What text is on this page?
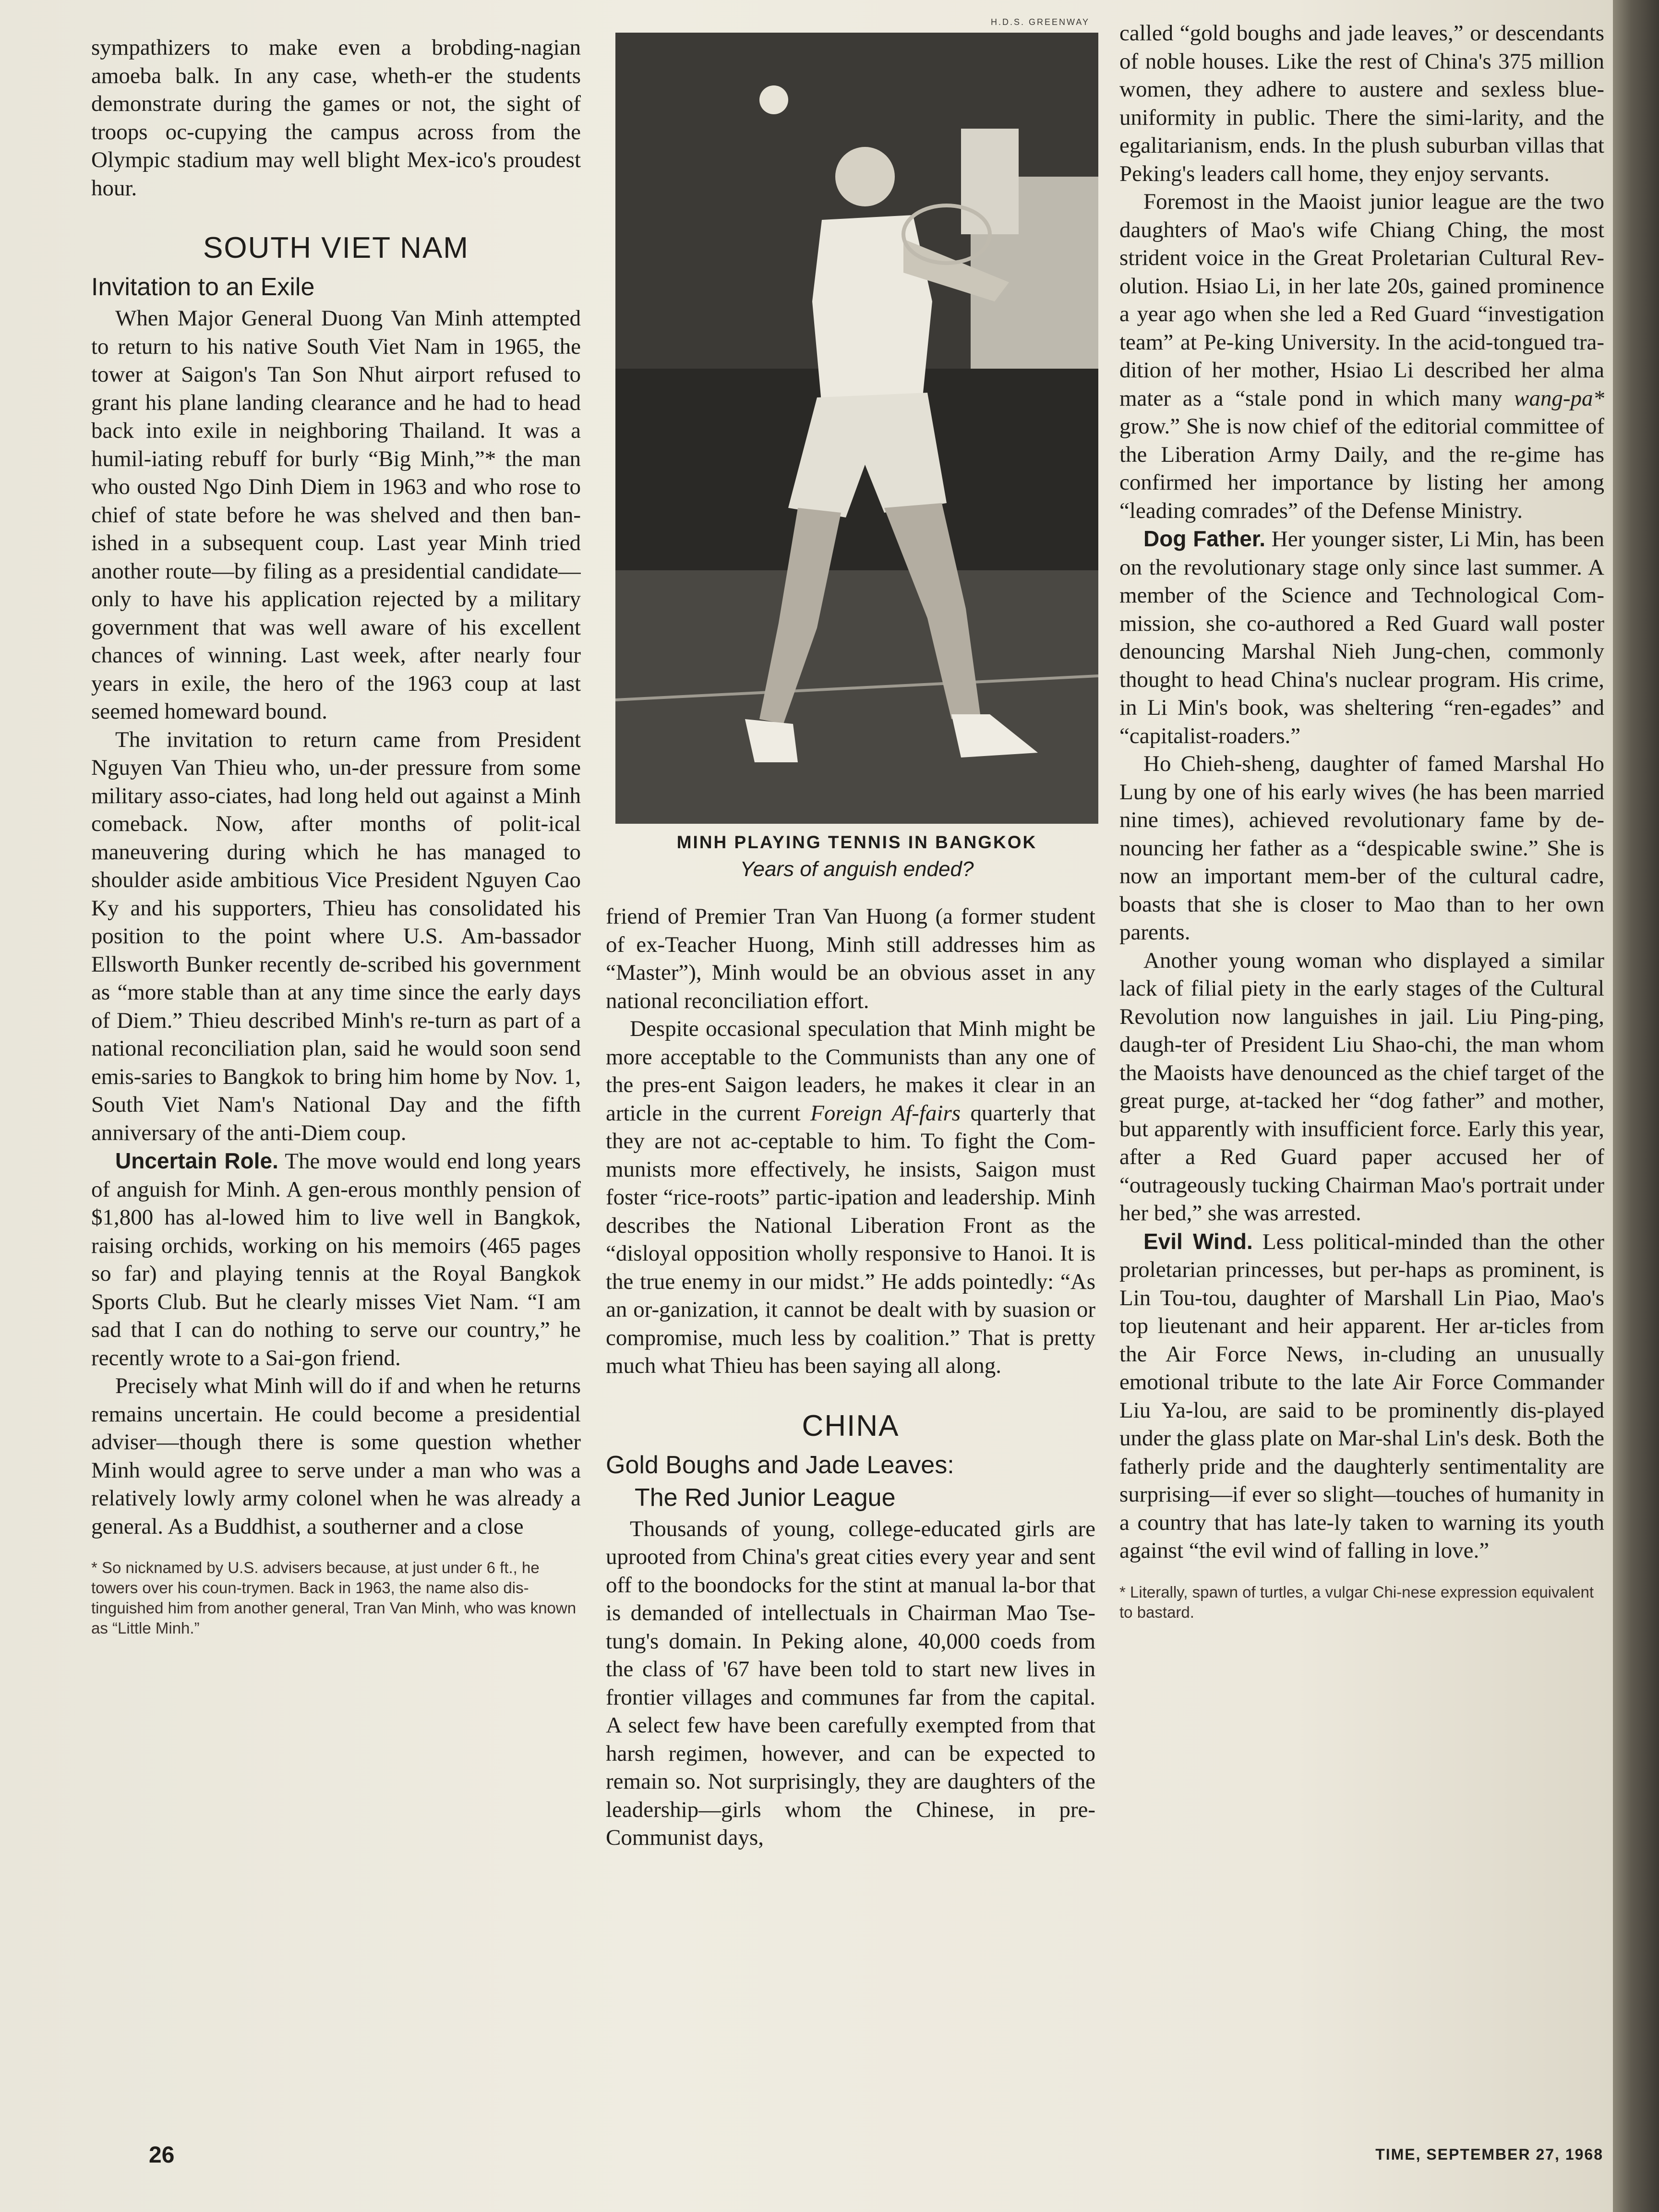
sympathizers to make even a brobding-nagian amoeba balk. In any case, wheth-er the students demonstrate during the games or not, the sight of troops oc-cupying the campus across from the Olympic stadium may well blight Mex-ico's proudest hour.

SOUTH VIET NAM
Invitation to an Exile

When Major General Duong Van Minh attempted to return to his native South Viet Nam in 1965, the tower at Saigon's Tan Son Nhut airport refused to grant his plane landing clearance and he had to head back into exile in neighboring Thailand. It was a humil-iating rebuff for burly “Big Minh,”* the man who ousted Ngo Dinh Diem in 1963 and who rose to chief of state before he was shelved and then ban-ished in a subsequent coup. Last year Minh tried another route—by filing as a presidential candidate—only to have his application rejected by a military government that was well aware of his excellent chances of winning. Last week, after nearly four years in exile, the hero of the 1963 coup at last seemed homeward bound.

The invitation to return came from President Nguyen Van Thieu who, un-der pressure from some military asso-ciates, had long held out against a Minh comeback. Now, after months of polit-ical maneuvering during which he has managed to shoulder aside ambitious Vice President Nguyen Cao Ky and his supporters, Thieu has consolidated his position to the point where U.S. Am-bassador Ellsworth Bunker recently de-scribed his government as “more stable than at any time since the early days of Diem.” Thieu described Minh's re-turn as part of a national reconciliation plan, said he would soon send emis-saries to Bangkok to bring him home by Nov. 1, South Viet Nam's National Day and the fifth anniversary of the anti-Diem coup.

Uncertain Role. The move would end long years of anguish for Minh. A gen-erous monthly pension of $1,800 has al-lowed him to live well in Bangkok, raising orchids, working on his memoirs (465 pages so far) and playing tennis at the Royal Bangkok Sports Club. But he clearly misses Viet Nam. “I am sad that I can do nothing to serve our country,” he recently wrote to a Sai-gon friend.

Precisely what Minh will do if and when he returns remains uncertain. He could become a presidential adviser—though there is some question whether Minh would agree to serve under a man who was a relatively lowly army colonel when he was already a general. As a Buddhist, a southerner and a close

* So nicknamed by U.S. advisers because, at just under 6 ft., he towers over his coun-trymen. Back in 1963, the name also dis-tinguished him from another general, Tran Van Minh, who was known as “Little Minh.”

H.D.S. GREENWAY
MINH PLAYING TENNIS IN BANGKOK
Years of anguish ended?

friend of Premier Tran Van Huong (a former student of ex-Teacher Huong, Minh still addresses him as “Master”), Minh would be an obvious asset in any national reconciliation effort.

Despite occasional speculation that Minh might be more acceptable to the Communists than any one of the pres-ent Saigon leaders, he makes it clear in an article in the current Foreign Af-fairs quarterly that they are not ac-ceptable to him. To fight the Com-munists more effectively, he insists, Saigon must foster “rice-roots” partic-ipation and leadership. Minh describes the National Liberation Front as the “disloyal opposition wholly responsive to Hanoi. It is the true enemy in our midst.” He adds pointedly: “As an or-ganization, it cannot be dealt with by suasion or compromise, much less by coalition.” That is pretty much what Thieu has been saying all along.

CHINA
Gold Boughs and Jade Leaves:
The Red Junior League

Thousands of young, college-educated girls are uprooted from China's great cities every year and sent off to the boondocks for the stint at manual la-bor that is demanded of intellectuals in Chairman Mao Tse-tung's domain. In Peking alone, 40,000 coeds from the class of '67 have been told to start new lives in frontier villages and communes far from the capital. A select few have been carefully exempted from that harsh regimen, however, and can be expected to remain so. Not surprisingly, they are daughters of the leadership—girls whom the Chinese, in pre-Communist days,

called “gold boughs and jade leaves,” or descendants of noble houses. Like the rest of China's 375 million women, they adhere to austere and sexless blue-uniformity in public. There the simi-larity, and the egalitarianism, ends. In the plush suburban villas that Peking's leaders call home, they enjoy servants.

Foremost in the Maoist junior league are the two daughters of Mao's wife Chiang Ching, the most strident voice in the Great Proletarian Cultural Rev-olution. Hsiao Li, in her late 20s, gained prominence a year ago when she led a Red Guard “investigation team” at Pe-king University. In the acid-tongued tra-dition of her mother, Hsiao Li described her alma mater as a “stale pond in which many wang-pa* grow.” She is now chief of the editorial committee of the Liberation Army Daily, and the re-gime has confirmed her importance by listing her among “leading comrades” of the Defense Ministry.

Dog Father. Her younger sister, Li Min, has been on the revolutionary stage only since last summer. A member of the Science and Technological Com-mission, she co-authored a Red Guard wall poster denouncing Marshal Nieh Jung-chen, commonly thought to head China's nuclear program. His crime, in Li Min's book, was sheltering “ren-egades” and “capitalist-roaders.”

Ho Chieh-sheng, daughter of famed Marshal Ho Lung by one of his early wives (he has been married nine times), achieved revolutionary fame by de-nouncing her father as a “despicable swine.” She is now an important mem-ber of the cultural cadre, boasts that she is closer to Mao than to her own parents.

Another young woman who displayed a similar lack of filial piety in the early stages of the Cultural Revolution now languishes in jail. Liu Ping-ping, daugh-ter of President Liu Shao-chi, the man whom the Maoists have denounced as the chief target of the great purge, at-tacked her “dog father” and mother, but apparently with insufficient force. Early this year, after a Red Guard paper accused her of “outrageously tucking Chairman Mao's portrait under her bed,” she was arrested.

Evil Wind. Less political-minded than the other proletarian princesses, but per-haps as prominent, is Lin Tou-tou, daughter of Marshall Lin Piao, Mao's top lieutenant and heir apparent. Her ar-ticles from the Air Force News, in-cluding an unusually emotional tribute to the late Air Force Commander Liu Ya-lou, are said to be prominently dis-played under the glass plate on Mar-shal Lin's desk. Both the fatherly pride and the daughterly sentimentality are surprising—if ever so slight—touches of humanity in a country that has late-ly taken to warning its youth against “the evil wind of falling in love.”

* Literally, spawn of turtles, a vulgar Chi-nese expression equivalent to bastard.

26	TIME, SEPTEMBER 27, 1968
